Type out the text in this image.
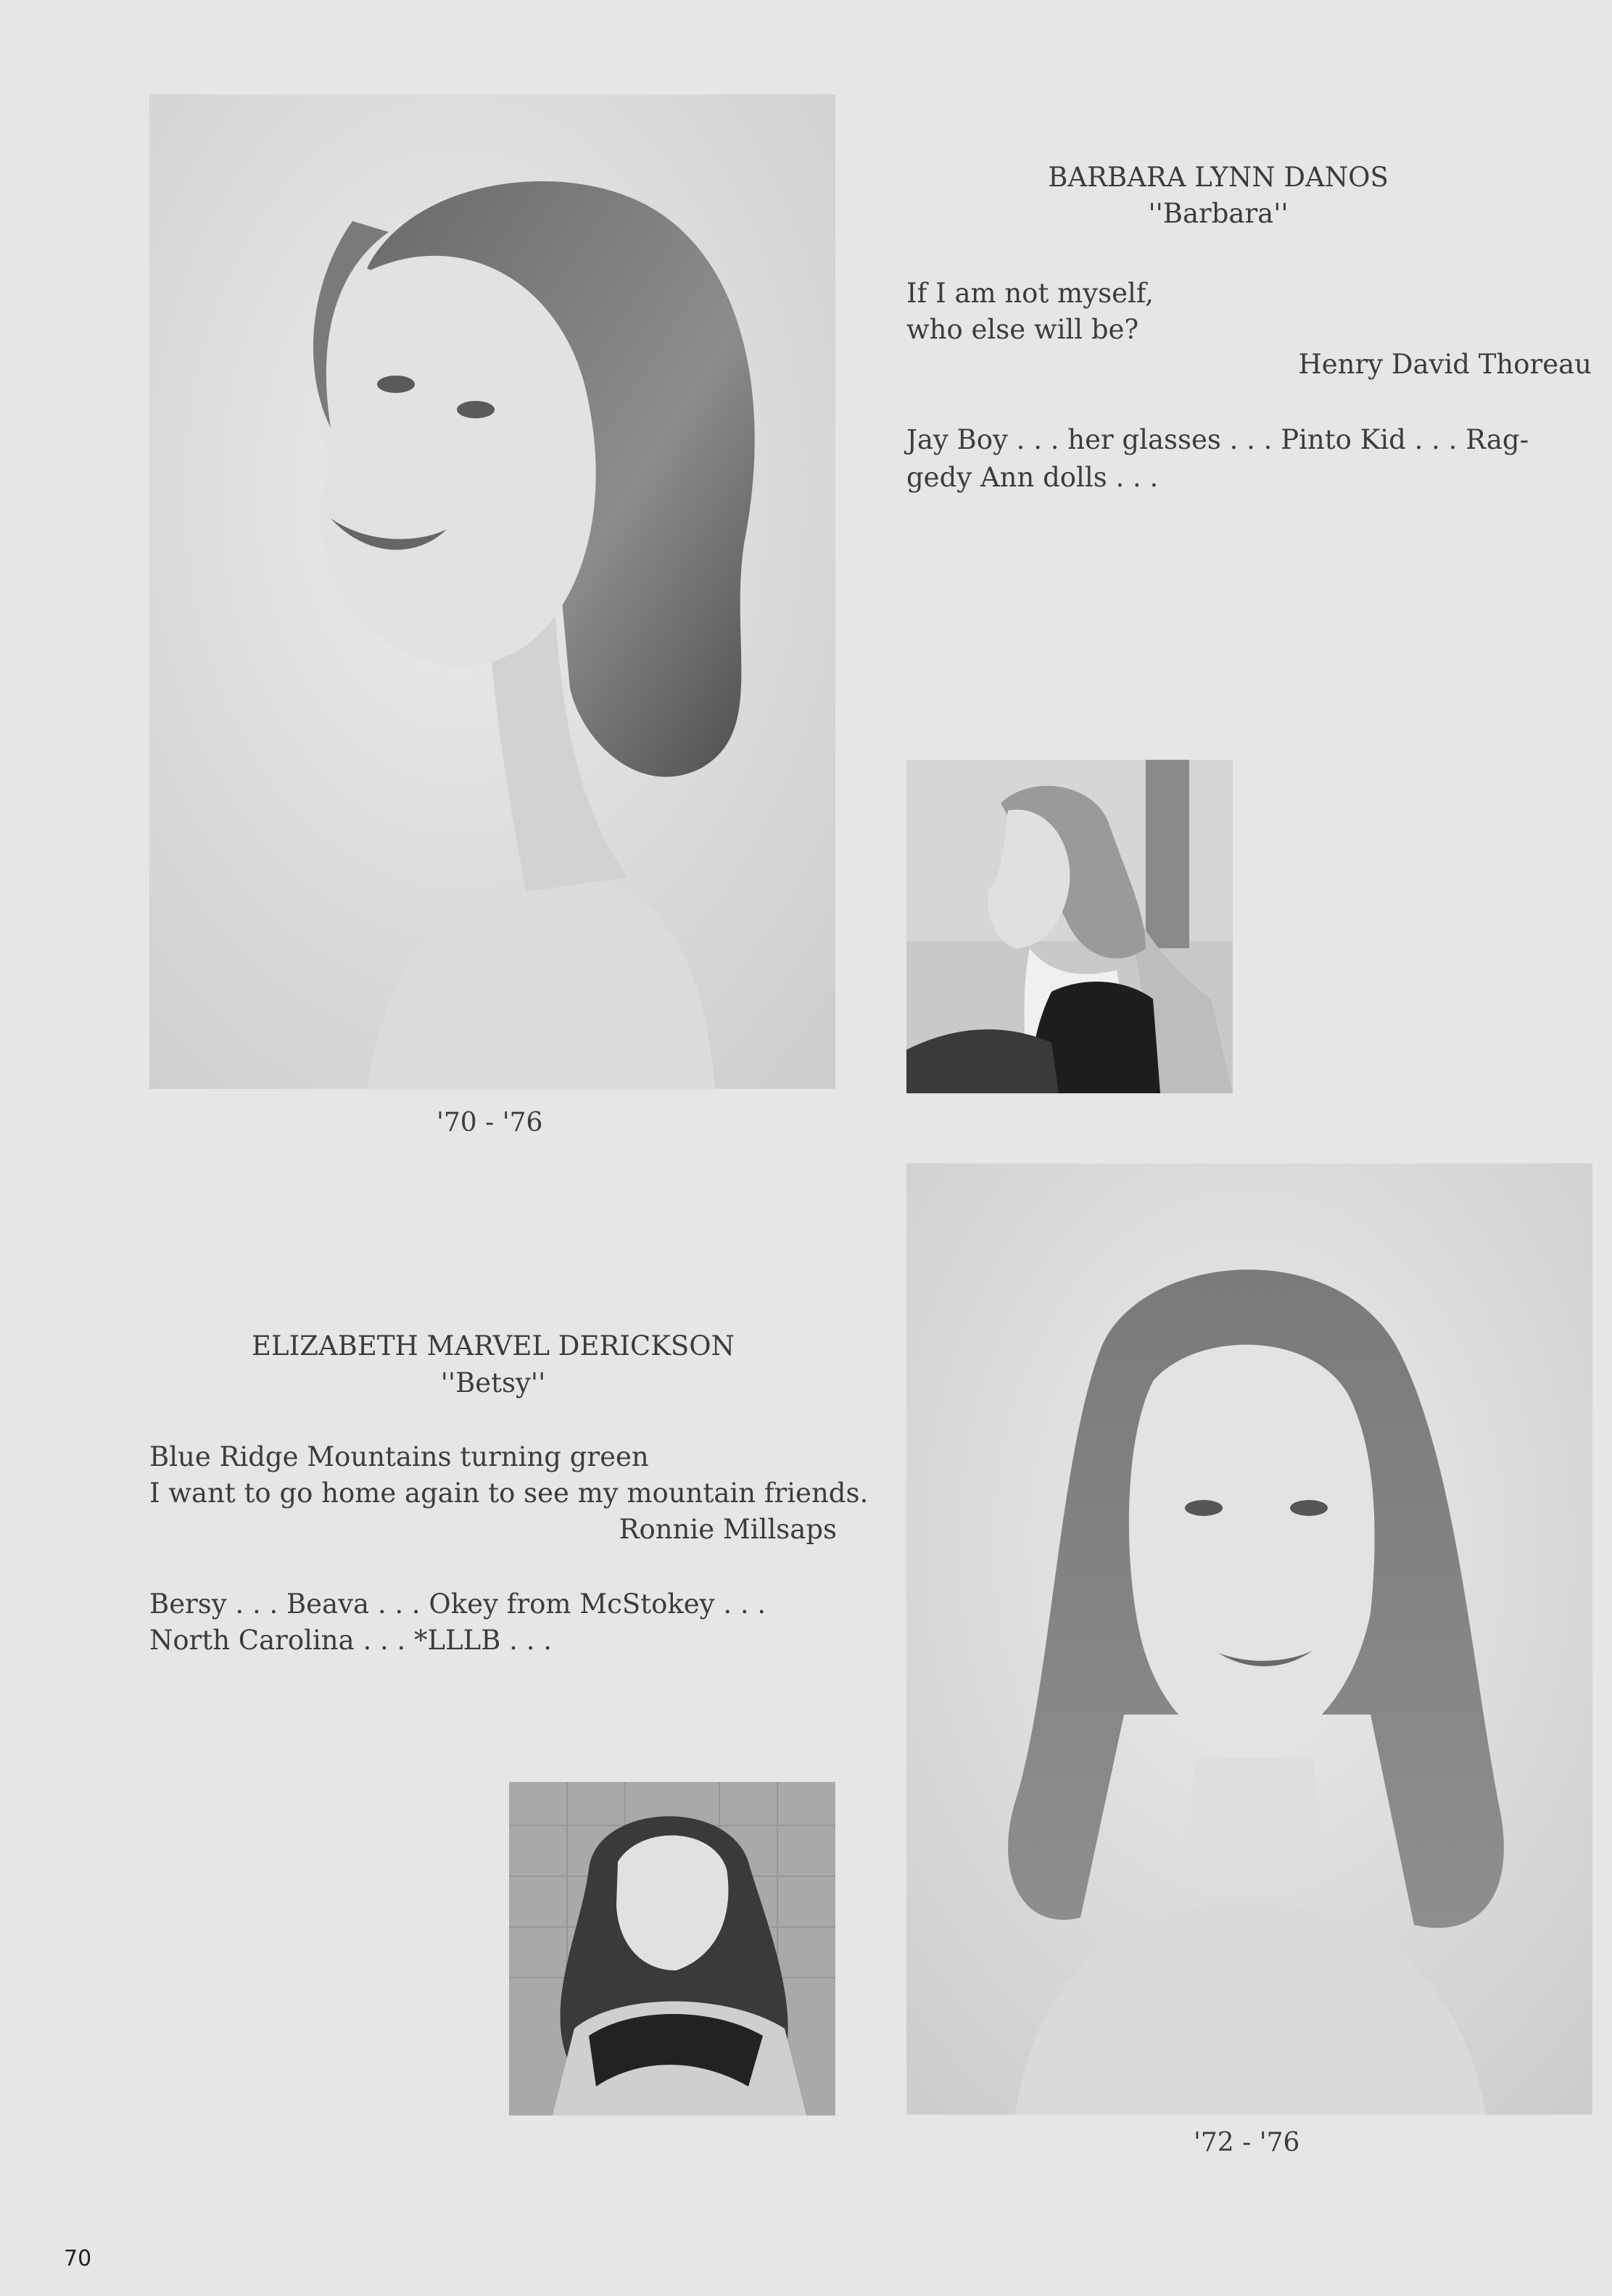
BARBARA LYNN DANOS
''Barbara''
If I am not myself,
who else will be?
Henry David Thoreau
Jay Boy . . . her glasses . . . Pinto Kid . . . Rag-
gedy Ann dolls . . .
'70 - '76
ELIZABETH MARVEL DERICKSON
''Betsy''
Blue Ridge Mountains turning green
I want to go home again to see my mountain friends.
Ronnie Millsaps
Bersy . . . Beava . . . Okey from McStokey . . .
North Carolina . . . *LLLB . . .
'72 - '76
70
